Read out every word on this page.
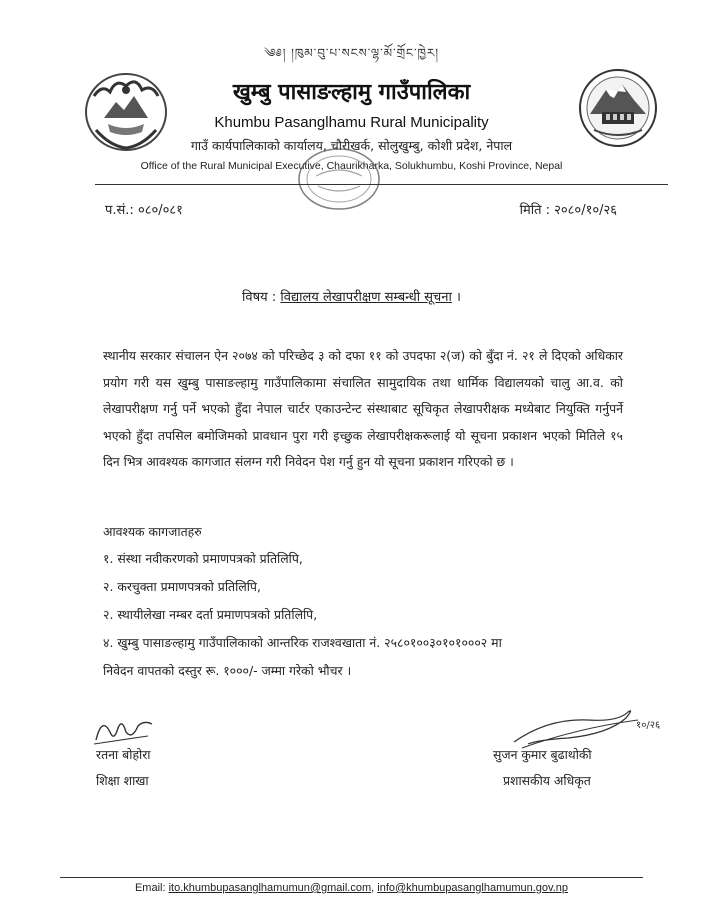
༄༅། །ཁུམ་བུ་པ་སངས་ལྷ་མོ་གྲོང་ཁྱེར།
खुम्बु पासाङल्हामु गाउँपालिका
Khumbu Pasanglhamu Rural Municipality
गाउँ कार्यपालिकाको कार्यालय, चौरीखर्क, सोलुखुम्बु, कोशी प्रदेश, नेपाल
Office of the Rural Municipal Executive, Chaurikharka, Solukhumbu, Koshi Province, Nepal
प.सं.: ०८०/०८१	मिति : २०८०/१०/२६
विषय : विद्यालय लेखापरीक्षण सम्बन्धी सूचना ।
स्थानीय सरकार संचालन ऐन २०७४ को परिच्छेद ३ को दफा ११ को उपदफा २(ज) को बुँदा नं. २१ ले दिएको अधिकार प्रयोग गरी यस खुम्बु पासाङल्हामु गाउँपालिकामा संचालित सामुदायिक तथा धार्मिक विद्यालयको चालु आ.व. को लेखापरीक्षण गर्नु पर्ने भएको हुँदा नेपाल चार्टर एकाउन्टेन्ट संस्थाबाट सूचिकृत लेखापरीक्षक मध्येबाट नियुक्ति गर्नुपर्ने भएको हुँदा तपसिल बमोजिमको प्रावधान पुरा गरी इच्छुक लेखापरीक्षकरूलाई यो सूचना प्रकाशन भएको मितिले १५ दिन भित्र आवश्यक कागजात संलग्न गरी निवेदन पेश गर्नु हुन यो सूचना प्रकाशन गरिएको छ ।
आवश्यक कागजातहरु
१. संस्था नवीकरणको प्रमाणपत्रको प्रतिलिपि,
२. करचुक्ता प्रमाणपत्रको प्रतिलिपि,
२. स्थायीलेखा नम्बर दर्ता प्रमाणपत्रको प्रतिलिपि,
४. खुम्बु पासाङल्हामु गाउँपालिकाको आन्तरिक राजश्वखाता नं. २५८०१००३०१०१०००२ मा
निवेदन वापतको दस्तुर रू. १०००/- जम्मा गरेको भौचर ।
१०/२६
रतना बोहोरा
शिक्षा शाखा
सुजन कुमार बुढाथोकी
प्रशासकीय अधिकृत
Email: ito.khumbupasanglhamumun@gmail.com, info@khumbupasanglhamumun.gov.np
